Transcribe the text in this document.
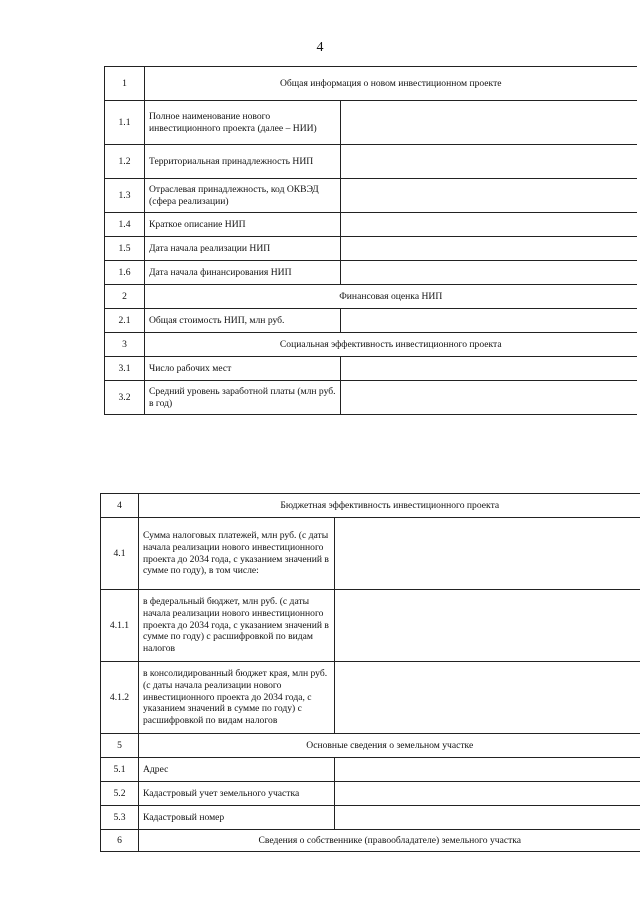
4
1	Общая информация о новом инвестиционном проекте	
1.1	Полное наименование нового инвестиционного проекта (далее – НИИ)	
1.2	Территориальная принадлежность НИП	
1.3	Отраслевая принадлежность, код ОКВЭД (сфера реализации)	
1.4	Краткое описание НИП	
1.5	Дата начала реализации НИП	
1.6	Дата начала финансирования НИП	
2	Финансовая оценка НИП	
2.1	Общая стоимость НИП, млн руб.	
3	Социальная эффективность инвестиционного проекта	
3.1	Число рабочих мест	
3.2	Средний уровень заработной платы (млн руб. в год)	
4	Бюджетная эффективность инвестиционного проекта	
4.1	Сумма налоговых платежей, млн руб. (с даты начала реализации нового инвестиционного проекта до 2034 года, с указанием значений в сумме по году), в том числе:	
4.1.1	в федеральный бюджет, млн руб. (с даты начала реализации нового инвестиционного проекта до 2034 года, с указанием значений в сумме по году) с расшифровкой по видам налогов	
4.1.2	в консолидированный бюджет края, млн руб. (с даты начала реализации нового инвестиционного проекта до 2034 года, с указанием значений в сумме по году) с расшифровкой по видам налогов	
5	Основные сведения о земельном участке	
5.1	Адрес	
5.2	Кадастровый учет земельного участка	
5.3	Кадастровый номер	
6	Сведения о собственнике (правообладателе) земельного участка	
